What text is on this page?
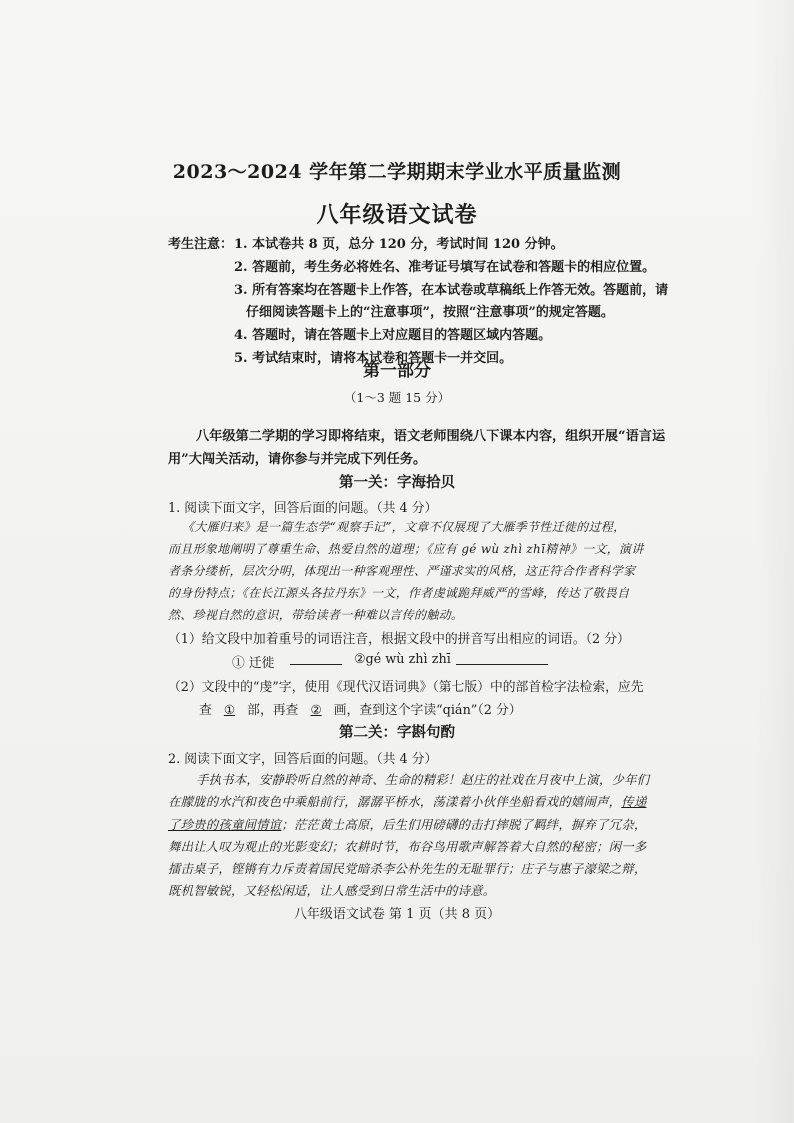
2023～2024 学年第二学期期末学业水平质量监测
八年级语文试卷
考生注意： 1. 本试卷共 8 页，总分 120 分，考试时间 120 分钟。
2. 答题前，考生务必将姓名、准考证号填写在试卷和答题卡的相应位置。
3. 所有答案均在答题卡上作答，在本试卷或草稿纸上作答无效。答题前，请
仔细阅读答题卡上的“注意事项”，按照“注意事项”的规定答题。
4. 答题时，请在答题卡上对应题目的答题区域内答题。
5. 考试结束时，请将本试卷和答题卡一并交回。
第一部分
（1～3 题 15 分）
八年级第二学期的学习即将结束，语文老师围绕八下课本内容，组织开展“语言运
用”大闯关活动，请你参与并完成下列任务。
第一关：字海拾贝
1. 阅读下面文字，回答后面的问题。（共 4 分）
《大雁归来》是一篇生态学“观察手记”，文章不仅展现了大雁季节性迁徙的过程，
而且形象地阐明了尊重生命、热爱自然的道理；《应有 gé wù zhì zhī精神》一文，演讲
者条分缕析，层次分明，体现出一种客观理性、严谨求实的风格，这正符合作者科学家
的身份特点；《在长江源头各拉丹东》一文，作者虔诚跪拜威严的雪峰，传达了敬畏自
然、珍视自然的意识，带给读者一种难以言传的触动。
（1）给文段中加着重号的词语注音，根据文段中的拼音写出相应的词语。（2 分）
① 迁徙	②gé wù zhì zhī
（2）文段中的“虔”字，使用《现代汉语词典》（第七版）中的部首检字法检索，应先
查 ① 部，再查 ② 画，查到这个字读“qián”（2 分）
第二关：字斟句酌
2. 阅读下面文字，回答后面的问题。（共 4 分）
手执书本，安静聆听自然的神奇、生命的精彩！赵庄的社戏在月夜中上演，少年们
在朦胧的水汽和夜色中乘船前行，潺潺平桥水，荡漾着小伙伴坐船看戏的嬉闹声，传递
了珍贵的孩童间情谊；茫茫黄土高原，后生们用磅礴的击打摔脱了羁绊，摒弃了冗杂，
舞出让人叹为观止的光影变幻；农耕时节，布谷鸟用歌声解答着大自然的秘密；闲一多
擂击桌子，铿锵有力斥责着国民党暗杀李公朴先生的无耻罪行；庄子与惠子濠梁之辩，
既机智敏锐，又轻松闲适，让人感受到日常生活中的诗意。
八年级语文试卷 第 1 页（共 8 页）
